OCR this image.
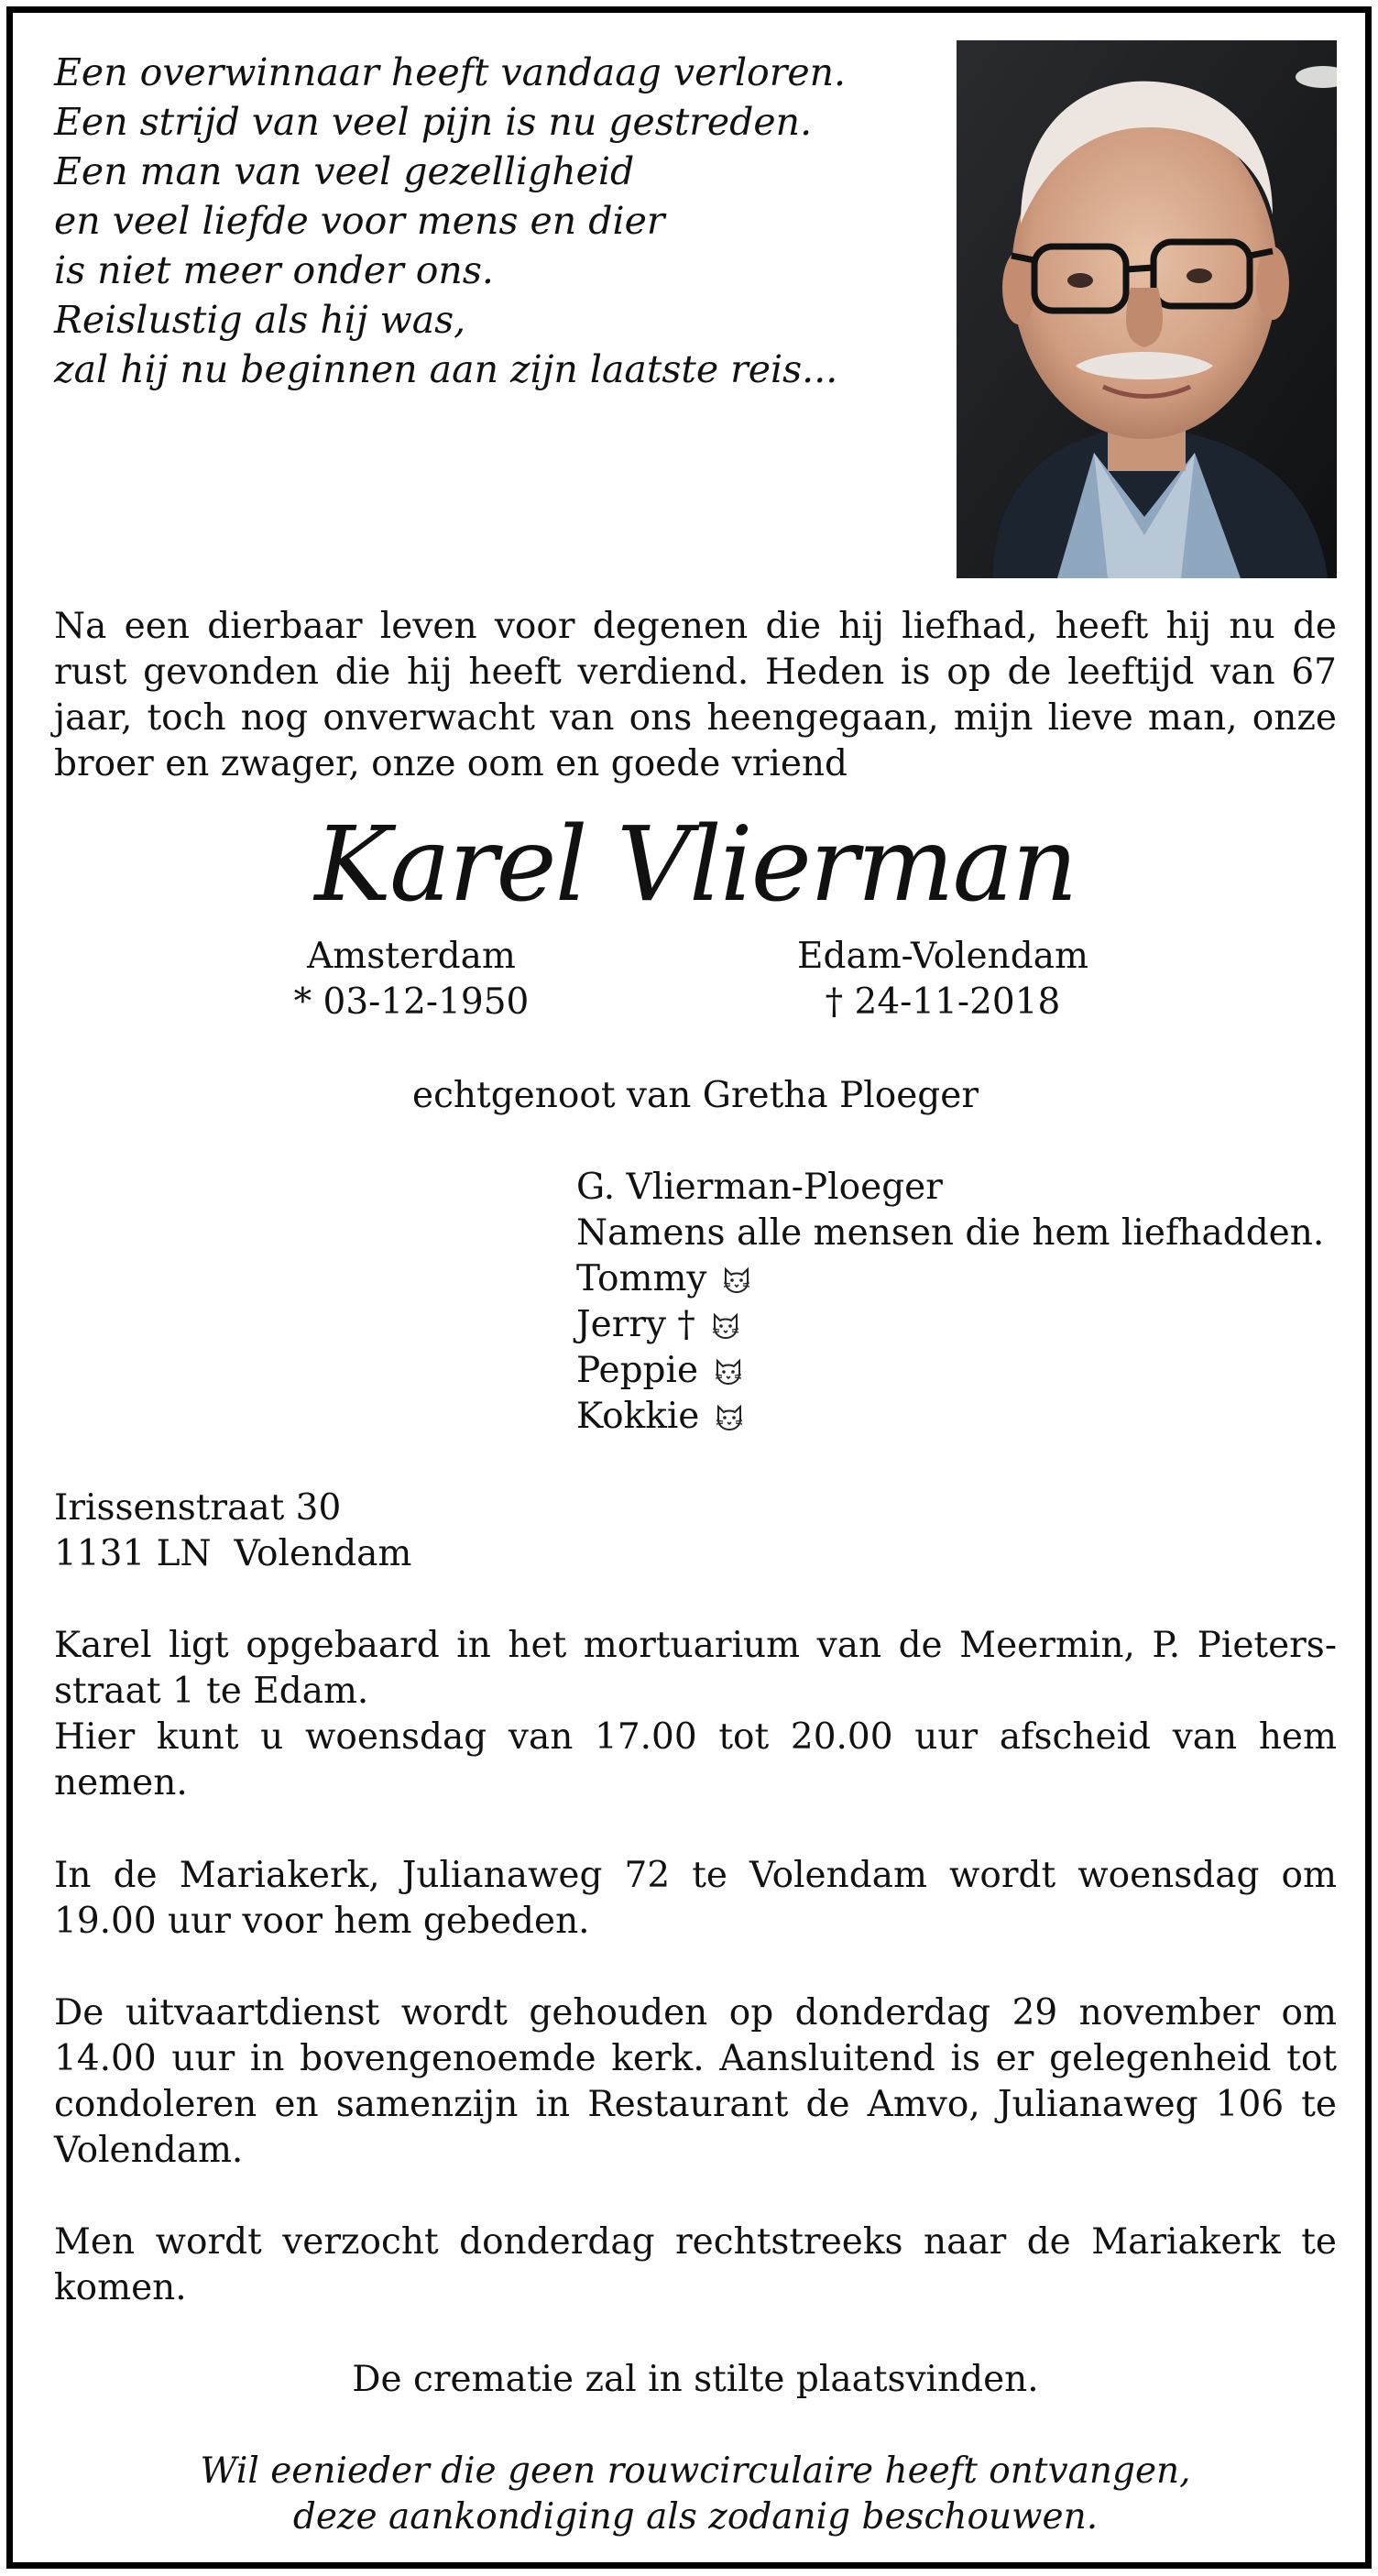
Een overwinnaar heeft vandaag verloren.
Een strijd van veel pijn is nu gestreden.
Een man van veel gezelligheid
en veel liefde voor mens en dier
is niet meer onder ons.
Reislustig als hij was,
zal hij nu beginnen aan zijn laatste reis...

Na een dierbaar leven voor degenen die hij liefhad, heeft hij nu de rust gevonden die hij heeft verdiend. Heden is op de leeftijd van 67 jaar, toch nog onverwacht van ons heengegaan, mijn lieve man, onze broer en zwager, onze oom en goede vriend

Karel Vlierman
Amsterdam
* 03-12-1950
Edam-Volendam
† 24-11-2018
echtgenoot van Gretha Ploeger
G. Vlierman-Ploeger
Namens alle mensen die hem liefhadden.
Tommy
Jerry †
Peppie
Kokkie
Irissenstraat 30
1131 LN  Volendam

Karel ligt opgebaard in het mortuarium van de Meermin, P. Pieters-straat 1 te Edam.

Hier kunt u woensdag van 17.00 tot 20.00 uur afscheid van hem nemen.

In de Mariakerk, Julianaweg 72 te Volendam wordt woensdag om 19.00 uur voor hem gebeden.

De uitvaartdienst wordt gehouden op donderdag 29 november om 14.00 uur in bovengenoemde kerk. Aansluitend is er gelegenheid tot condoleren en samenzijn in Restaurant de Amvo, Julianaweg 106 te Volendam.

Men wordt verzocht donderdag rechtstreeks naar de Mariakerk te komen.

De crematie zal in stilte plaatsvinden.
Wil eenieder die geen rouwcirculaire heeft ontvangen,
deze aankondiging als zodanig beschouwen.
